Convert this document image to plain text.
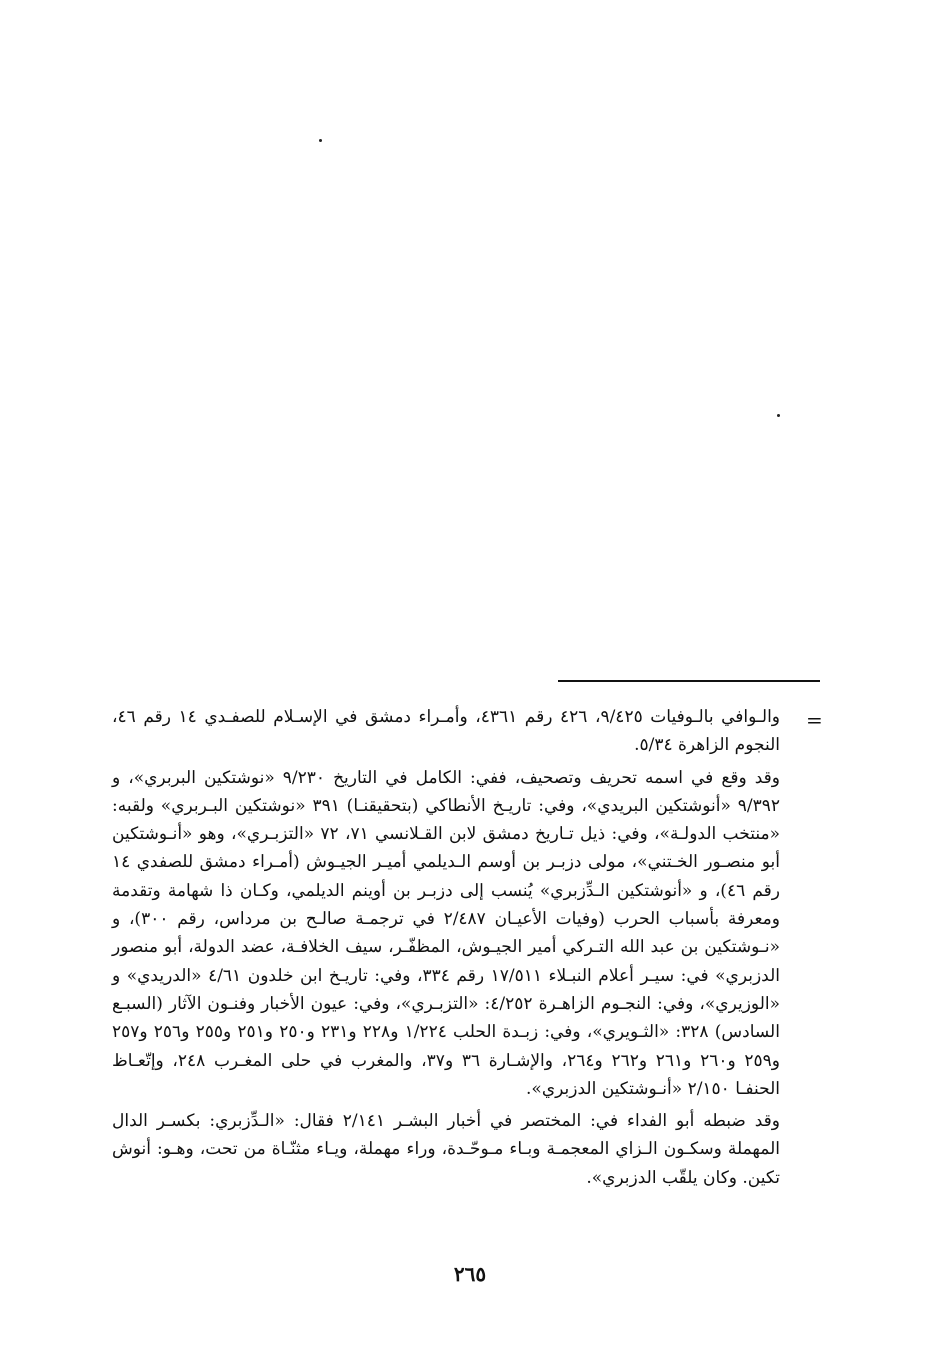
=

والـوافي بالـوفيات ٩/٤٢٥، ٤٢٦ رقم ٤٣٦١، وأمـراء دمشق في الإسـلام للصفـدي ١٤ رقم ٤٦، النجوم الزاهرة ٥/٣٤.

وقد وقع في اسمه تحريف وتصحيف، ففي: الكامل في التاريخ ٩/٢٣٠ «نوشتكين البربري»، و ٩/٣٩٢ «أنوشتكين البريدي»، وفي: تاريـخ الأنطاكي (بتحقيقنـا) ٣٩١ «نوشتكين البـربري» ولقبه: «منتخب الدولـة»، وفي: ذيل تـاريخ دمشق لابن القـلانسي ٧١، ٧٢ «التزبـري»، وهو «أنـوشتكين أبو منصـور الخـتني»، مولى دزبـر بن أوسم الـديلمي أميـر الجيـوش (أمـراء دمشق للصفدي ١٤ رقم ٤٦)، و «أنوشتكين الـدِّزبري» يُنسب إلى دزبـر بن أوينم الديلمي، وكـان ذا شهامة وتقدمة ومعرفة بأسباب الحرب (وفيات الأعيـان ٢/٤٨٧ في ترجمـة صالـح بن مرداس، رقم ٣٠٠)، و «نـوشتكين بن عبد الله التـركي أمير الجيـوش، المظفّـر، سيف الخلافـة، عضد الدولة، أبو منصور الدزبري» في: سيـر أعلام النبـلاء ١٧/٥١١ رقم ٣٣٤، وفي: تاريـخ ابن خلدون ٤/٦١ «الدريدي» و «الوزيري»، وفي: النجـوم الزاهـرة ٤/٢٥٢: «التزبـري»، وفي: عيون الأخبار وفنـون الآثار (السبـع السادس) ٣٢٨: «الثـويري»، وفي: زبـدة الحلب ١/٢٢٤ و٢٢٨ و٢٣١ و٢٥٠ و٢٥١ و٢٥٥ و٢٥٦ و٢٥٧ و٢٥٩ و٢٦٠ و٢٦١ و٢٦٢ و٢٦٤، والإشـارة ٣٦ و٣٧، والمغرب في حلى المغـرب ٢٤٨، وإتّعـاظ الحنفـا ٢/١٥٠ «أنـوشتكين الدزبري».

وقد ضبطه أبو الفداء في: المختصر في أخبار البشـر ٢/١٤١ فقال: «الـدِّزبري: بكسـر الدال المهملة وسكـون الـزاي المعجمـة وبـاء مـوحّـدة، وراء مهملة، ويـاء مثنّـاة من تحت، وهـو: أنوش تكين. وكان يلقّب الدزبري».

٢٦٥
